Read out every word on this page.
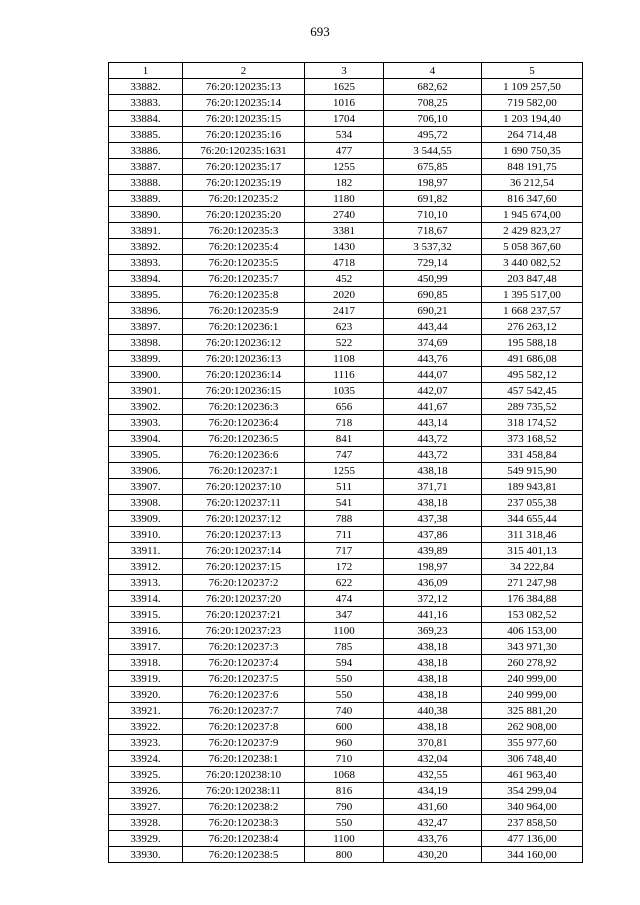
693
1	2	3	4	5
33882.	76:20:120235:13	1625	682,62	1 109 257,50
33883.	76:20:120235:14	1016	708,25	719 582,00
33884.	76:20:120235:15	1704	706,10	1 203 194,40
33885.	76:20:120235:16	534	495,72	264 714,48
33886.	76:20:120235:1631	477	3 544,55	1 690 750,35
33887.	76:20:120235:17	1255	675,85	848 191,75
33888.	76:20:120235:19	182	198,97	36 212,54
33889.	76:20:120235:2	1180	691,82	816 347,60
33890.	76:20:120235:20	2740	710,10	1 945 674,00
33891.	76:20:120235:3	3381	718,67	2 429 823,27
33892.	76:20:120235:4	1430	3 537,32	5 058 367,60
33893.	76:20:120235:5	4718	729,14	3 440 082,52
33894.	76:20:120235:7	452	450,99	203 847,48
33895.	76:20:120235:8	2020	690,85	1 395 517,00
33896.	76:20:120235:9	2417	690,21	1 668 237,57
33897.	76:20:120236:1	623	443,44	276 263,12
33898.	76:20:120236:12	522	374,69	195 588,18
33899.	76:20:120236:13	1108	443,76	491 686,08
33900.	76:20:120236:14	1116	444,07	495 582,12
33901.	76:20:120236:15	1035	442,07	457 542,45
33902.	76:20:120236:3	656	441,67	289 735,52
33903.	76:20:120236:4	718	443,14	318 174,52
33904.	76:20:120236:5	841	443,72	373 168,52
33905.	76:20:120236:6	747	443,72	331 458,84
33906.	76:20:120237:1	1255	438,18	549 915,90
33907.	76:20:120237:10	511	371,71	189 943,81
33908.	76:20:120237:11	541	438,18	237 055,38
33909.	76:20:120237:12	788	437,38	344 655,44
33910.	76:20:120237:13	711	437,86	311 318,46
33911.	76:20:120237:14	717	439,89	315 401,13
33912.	76:20:120237:15	172	198,97	34 222,84
33913.	76:20:120237:2	622	436,09	271 247,98
33914.	76:20:120237:20	474	372,12	176 384,88
33915.	76:20:120237:21	347	441,16	153 082,52
33916.	76:20:120237:23	1100	369,23	406 153,00
33917.	76:20:120237:3	785	438,18	343 971,30
33918.	76:20:120237:4	594	438,18	260 278,92
33919.	76:20:120237:5	550	438,18	240 999,00
33920.	76:20:120237:6	550	438,18	240 999,00
33921.	76:20:120237:7	740	440,38	325 881,20
33922.	76:20:120237:8	600	438,18	262 908,00
33923.	76:20:120237:9	960	370,81	355 977,60
33924.	76:20:120238:1	710	432,04	306 748,40
33925.	76:20:120238:10	1068	432,55	461 963,40
33926.	76:20:120238:11	816	434,19	354 299,04
33927.	76:20:120238:2	790	431,60	340 964,00
33928.	76:20:120238:3	550	432,47	237 858,50
33929.	76:20:120238:4	1100	433,76	477 136,00
33930.	76:20:120238:5	800	430,20	344 160,00
